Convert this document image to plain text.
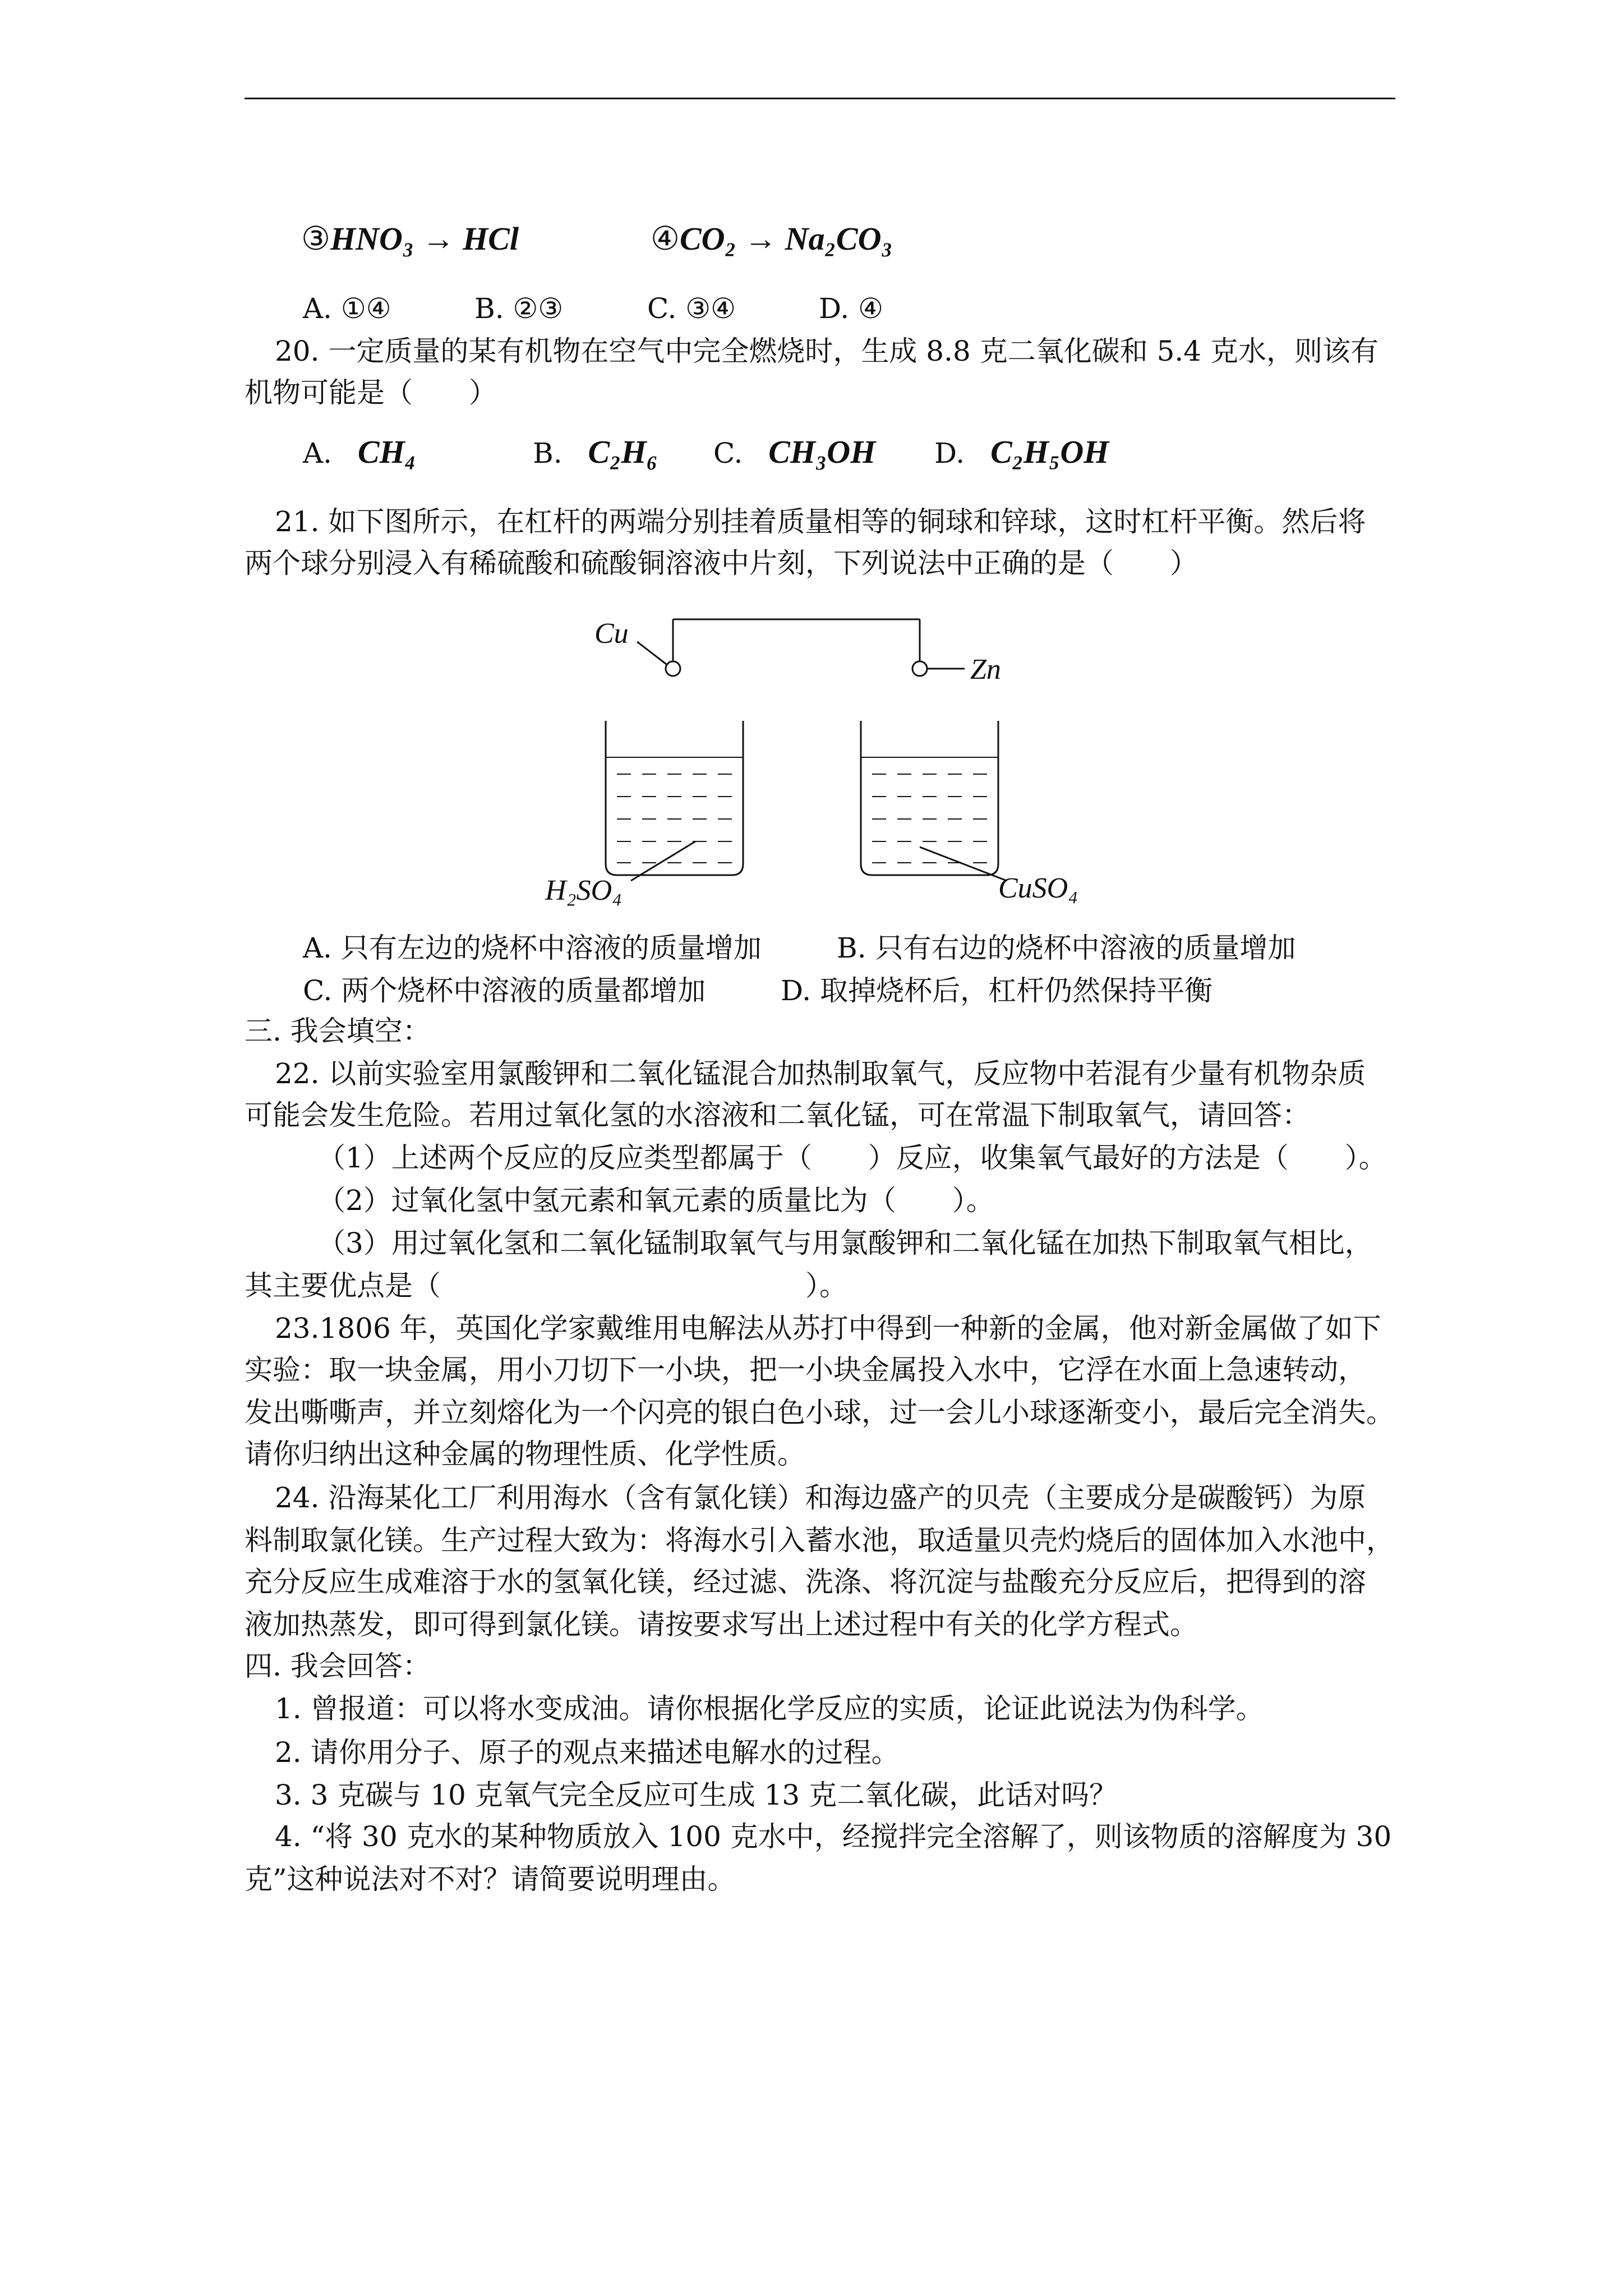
③HNO₃ → HCl	④CO₂ → Na₂CO₃
A. ①④	B. ②③	C. ③④	D. ④
20. 一定质量的某有机物在空气中完全燃烧时，生成 8.8 克二氧化碳和 5.4 克水，则该有
机物可能是（　　）
A. CH₄	B. C₂H₆ C. CH₃OH D. C₂H₅OH
21. 如下图所示，在杠杆的两端分别挂着质量相等的铜球和锌球，这时杠杆平衡。然后将
两个球分别浸入有稀硫酸和硫酸铜溶液中片刻，下列说法中正确的是（　　）
Cu
Zn
H₂SO₄	CuSO₄
A. 只有左边的烧杯中溶液的质量增加	B. 只有右边的烧杯中溶液的质量增加
C. 两个烧杯中溶液的质量都增加	D. 取掉烧杯后，杠杆仍然保持平衡
三. 我会填空：
22. 以前实验室用氯酸钾和二氧化锰混合加热制取氧气，反应物中若混有少量有机物杂质
可能会发生危险。若用过氧化氢的水溶液和二氧化锰，可在常温下制取氧气，请回答：
（1）上述两个反应的反应类型都属于（　　）反应，收集氧气最好的方法是（　　）。
（2）过氧化氢中氢元素和氧元素的质量比为（　　）。
（3）用过氧化氢和二氧化锰制取氧气与用氯酸钾和二氧化锰在加热下制取氧气相比，
其主要优点是（　　　　　　　　　　　　　）。
23.1806 年，英国化学家戴维用电解法从苏打中得到一种新的金属，他对新金属做了如下
实验：取一块金属，用小刀切下一小块，把一小块金属投入水中，它浮在水面上急速转动，
发出嘶嘶声，并立刻熔化为一个闪亮的银白色小球，过一会儿小球逐渐变小，最后完全消失。
请你归纳出这种金属的物理性质、化学性质。
24. 沿海某化工厂利用海水（含有氯化镁）和海边盛产的贝壳（主要成分是碳酸钙）为原
料制取氯化镁。生产过程大致为：将海水引入蓄水池，取适量贝壳灼烧后的固体加入水池中，
充分反应生成难溶于水的氢氧化镁，经过滤、洗涤、将沉淀与盐酸充分反应后，把得到的溶
液加热蒸发，即可得到氯化镁。请按要求写出上述过程中有关的化学方程式。
四. 我会回答：
1. 曾报道：可以将水变成油。请你根据化学反应的实质，论证此说法为伪科学。
2. 请你用分子、原子的观点来描述电解水的过程。
3. 3 克碳与 10 克氧气完全反应可生成 13 克二氧化碳，此话对吗？
4. “将 30 克水的某种物质放入 100 克水中，经搅拌完全溶解了，则该物质的溶解度为 30
克”这种说法对不对？请简要说明理由。
